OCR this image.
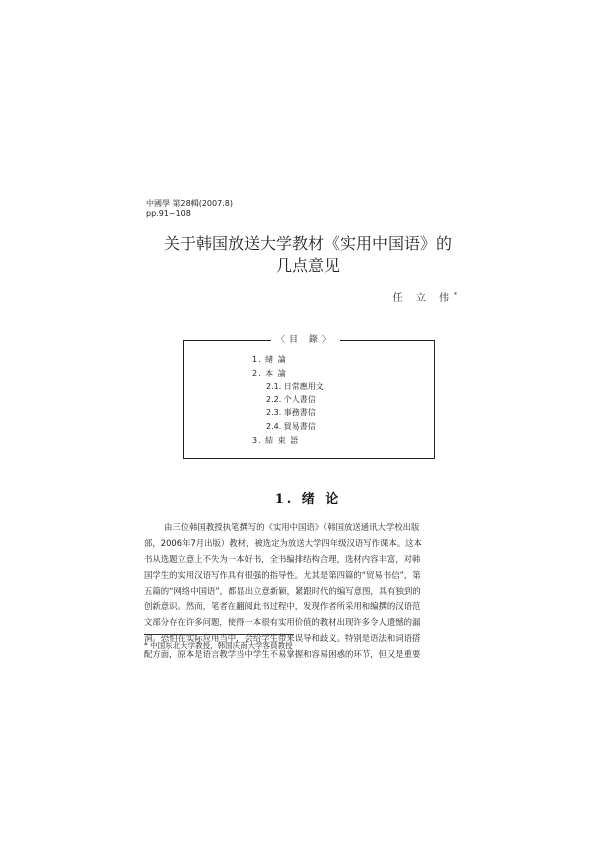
中國學 第28輯(2007.8)
pp.91~108
关于韩国放送大学教材《实用中国语》的
几点意见
任 立 伟*
〈目 錄〉
1. 緖 論
2. 本 論
2.1. 日常應用文
2.2. 个人書信
2.3. 事務書信
2.4. 貿易書信
3. 結 束 語
1. 绪 论
由三位韩国教授执笔撰写的《实用中国语》（韩国放送通讯大学校出版
部，2006年7月出版）教材，被选定为放送大学四年级汉语写作课本。这本
书从选题立意上不失为一本好书，全书编排结构合理，选材内容丰富，对韩
国学生的实用汉语写作具有很强的指导性。尤其是第四篇的“贸易书信”，第
五篇的“网络中国语”，都显出立意新颖，紧跟时代的编写意图，具有独到的
创新意识。然而，笔者在翻阅此书过程中，发现作者所采用和编撰的汉语范
文部分存在许多问题，使得一本很有实用价值的教材出现许多令人遗憾的漏
洞。恐怕在实际应用当中，会给学生带来误导和歧义。特别是语法和词语搭
配方面，原本是语言教学当中学生不易掌握和容易困惑的环节，但又是重要
* 中国东北大学教授，韩国庆南大学客員教授
